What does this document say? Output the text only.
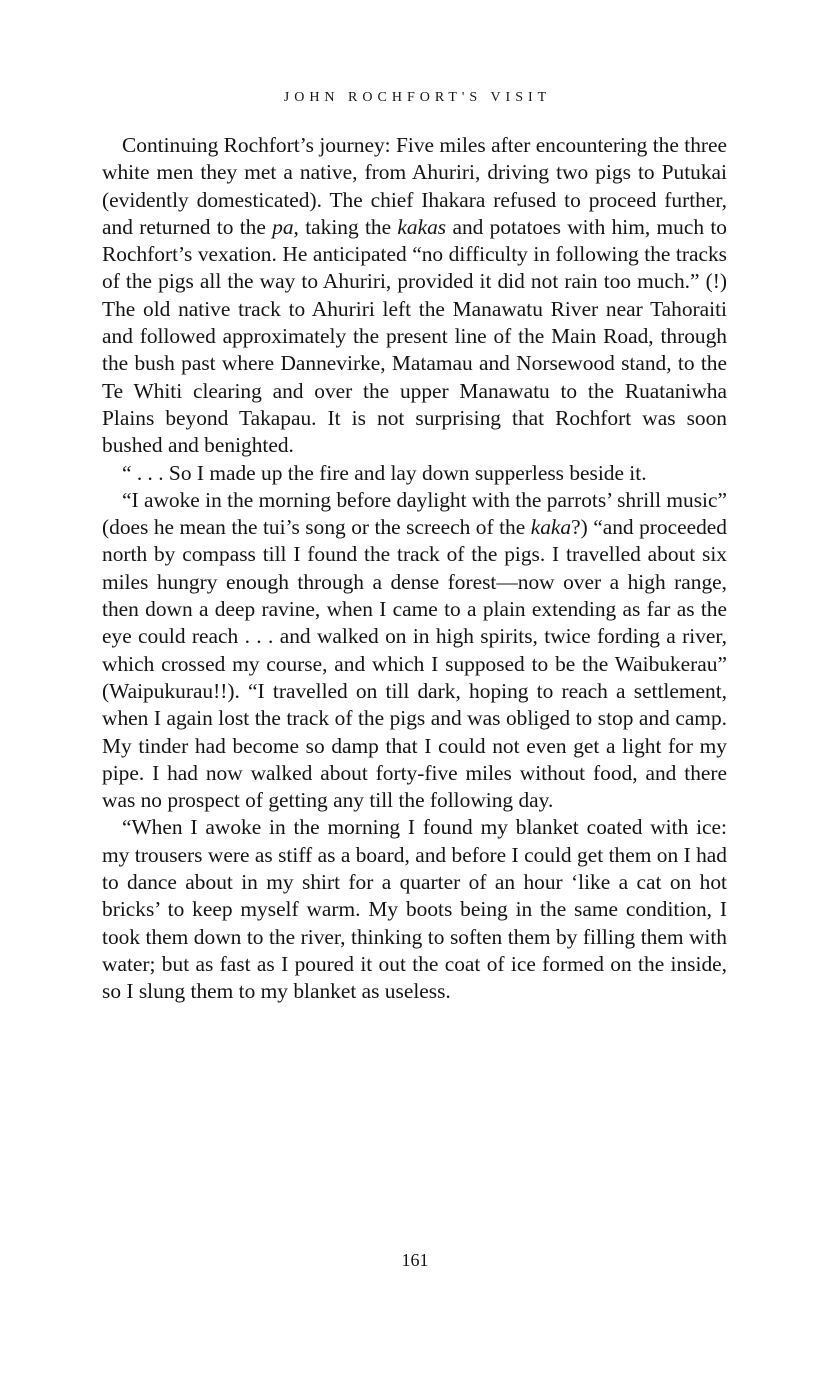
JOHN ROCHFORT'S VISIT

Continuing Rochfort’s journey: Five miles after encountering the three white men they met a native, from Ahuriri, driving two pigs to Putukai (evidently domesticated). The chief Ihakara refused to proceed further, and returned to the pa, taking the kakas and potatoes with him, much to Rochfort’s vexation. He anticipated “no difficulty in following the tracks of the pigs all the way to Ahuriri, provided it did not rain too much.” (!) The old native track to Ahuriri left the Manawatu River near Tahoraiti and followed approximately the present line of the Main Road, through the bush past where Dannevirke, Matamau and Norsewood stand, to the Te Whiti clearing and over the upper Manawatu to the Ruataniwha Plains beyond Takapau. It is not surprising that Rochfort was soon bushed and benighted.

“ . . . So I made up the fire and lay down supperless beside it.

“I awoke in the morning before daylight with the parrots’ shrill music” (does he mean the tui’s song or the screech of the kaka?) “and proceeded north by compass till I found the track of the pigs. I travelled about six miles hungry enough through a dense forest—now over a high range, then down a deep ravine, when I came to a plain extending as far as the eye could reach . . . and walked on in high spirits, twice fording a river, which crossed my course, and which I supposed to be the Waibukerau” (Waipukurau!!). “I travelled on till dark, hoping to reach a settlement, when I again lost the track of the pigs and was obliged to stop and camp. My tinder had become so damp that I could not even get a light for my pipe. I had now walked about forty-five miles without food, and there was no prospect of getting any till the following day.

“When I awoke in the morning I found my blanket coated with ice: my trousers were as stiff as a board, and before I could get them on I had to dance about in my shirt for a quarter of an hour ‘like a cat on hot bricks’ to keep myself warm. My boots being in the same condition, I took them down to the river, thinking to soften them by filling them with water; but as fast as I poured it out the coat of ice formed on the inside, so I slung them to my blanket as useless.

161
